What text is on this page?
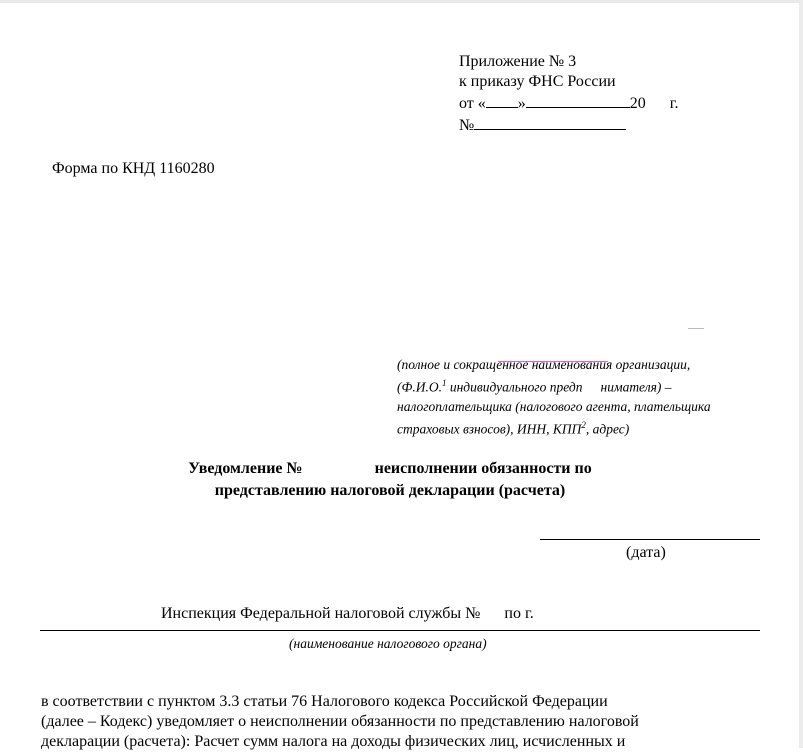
Приложение № 3
к приказу ФНС России
от « »	20 г.
№
Форма по КНД 1160280
(полное и сокращенное наименования организации,
(Ф.И.О.$^1$ индивидуального предп нимателя) –
налогоплательщика (налогового агента, плательщика
страховых взносов), ИНН, КПП$^2$, адрес)
Уведомление №	неисполнении обязанности по
представлению налоговой декларации (расчета)
(дата)
Инспекция Федеральной налоговой службы № по г.
(наименование налогового органа)
в соответствии с пунктом 3.3 статьи 76 Налогового кодекса Российской Федерации
(далее – Кодекс) уведомляет о неисполнении обязанности по представлению налоговой
декларации (расчета): Расчет сумм налога на доходы физических лиц, исчисленных и
